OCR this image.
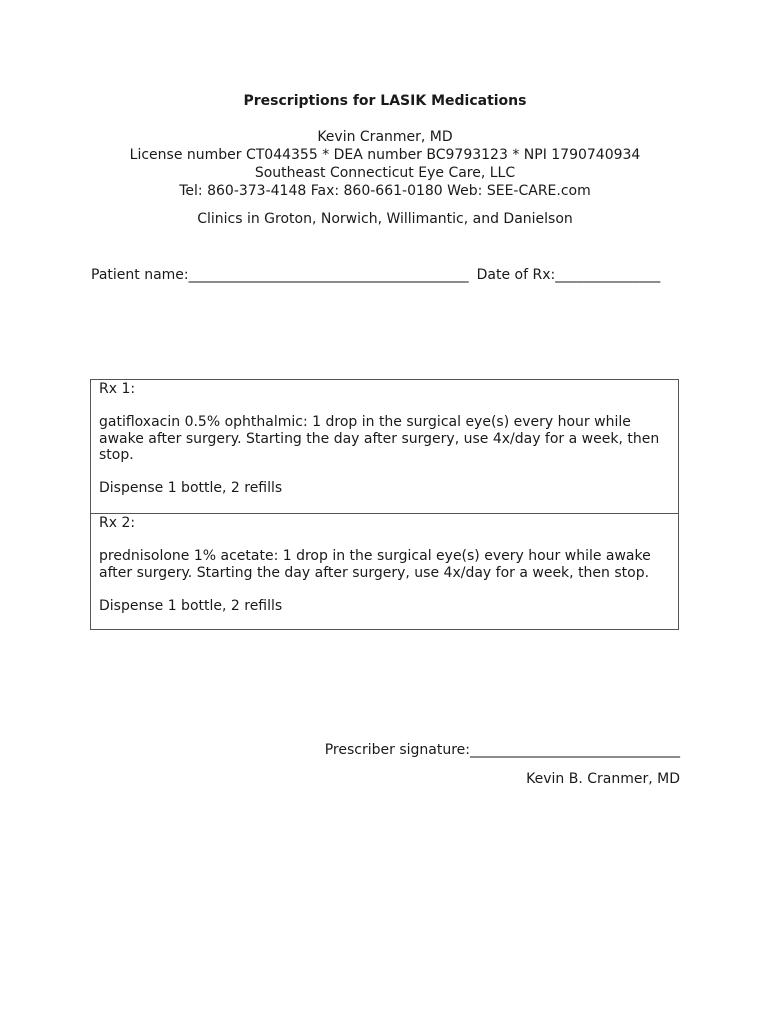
Prescriptions for LASIK Medications
Kevin Cranmer, MD
License number CT044355 * DEA number BC9793123 * NPI 1790740934
Southeast Connecticut Eye Care, LLC
Tel: 860-373-4148 Fax: 860-661-0180 Web: SEE-CARE.com
Clinics in Groton, Norwich, Willimantic, and Danielson
Patient name:________________________________________ Date of Rx:_______________

Rx 1:

gatifloxacin 0.5% ophthalmic: 1 drop in the surgical eye(s) every hour while

awake after surgery. Starting the day after surgery, use 4x/day for a week, then

stop.

Dispense 1 bottle, 2 refills

Rx 2:

prednisolone 1% acetate: 1 drop in the surgical eye(s) every hour while awake

after surgery. Starting the day after surgery, use 4x/day for a week, then stop.

Dispense 1 bottle, 2 refills

Prescriber signature:______________________________
Kevin B. Cranmer, MD
